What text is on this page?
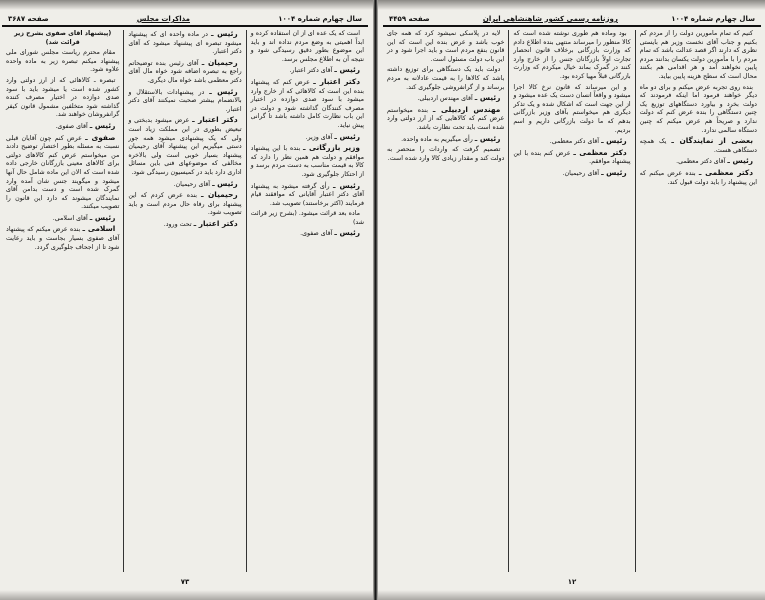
سال چهارم شماره ۱۰۰۴
مذاکرات مجلس
صفحه ۳۶۸۷

است که یک عده ای از آن استفاده کرده و ابداً اهمیتی به وضع مردم نداده اند و باید این موضوع بطور دقیق رسیدگی شود و نتیجه آن به اطلاع مجلس برسد.

رئیس ـ آقای دکتر اعتبار.

دکتر اعتبار ـ عرض کنم که پیشنهاد بنده این است که کالاهائی که از خارج وارد میشود با سود صدی دوازده در اختیار مصرف کنندگان گذاشته شود و دولت در این باب نظارت کامل داشته باشد تا گرانی پیش نیاید.

رئیس ـ آقای وزیر.

وزیر بازرگانی ـ بنده با این پیشنهاد موافقم و دولت هم همین نظر را دارد که کالا به قیمت مناسب به دست مردم برسد و از احتکار جلوگیری شود.

رئیس ـ رأی گرفته میشود به پیشنهاد آقای دکتر اعتبار آقایانی که موافقند قیام فرمایند (اکثر برخاستند) تصویب شد.

ماده بعد قرائت میشود. (بشرح زیر قرائت شد)

رئیس ـ آقای صفوی.

رئیس ـ در ماده واحده ای که پیشنهاد میشود تبصره ای پیشنهاد میشود که آقای دکتر اعتبار.

رحیمیان ـ آقای رئیس بنده توضیحاتم راجع به تبصره اضافه شود خواه مال آقای دکتر معظمی باشد خواه مال دیگری.

رئیس ـ در پیشنهادات بالاستقلال و بالانضمام بیشتر صحبت نمیکنند آقای دکتر اعتبار.

دکتر اعتبار ـ عرض میشود بدبختی و تبعیض بطوری در این مملکت زیاد است ولی که یک پیشنهادی میشود همه جور دستی میگیریم این پیشنهاد آقای رحیمیان پیشنهاد بسیار خوبی است ولی بالاخره مخالفی که موضوعهای فنی باین مسائل اداری دارد باید در کمیسیون رسیدگی شود.

رئیس ـ آقای رحیمیان.

رحیمیان ـ بنده عرض کردم که این پیشنهاد برای رفاه حال مردم است و باید تصویب شود.

دکتر اعتبار ـ تحت ورود.

(پیشنهاد آقای صفوی بشرح زیر قرائت شد)

مقام محترم ریاست مجلس شورای ملی پیشنهاد میکنم تبصره زیر به ماده واحده علاوه شود.

تبصره ـ کالاهائی که از ارز دولتی وارد کشور شده است یا میشود باید با سود صدی دوازده در اختیار مصرف کننده گذاشته شود متخلفین مشمول قانون کیفر گرانفروشان خواهند شد.

رئیس ـ آقای صفوی.

صفوی ـ عرض کنم چون آقایان قبلی نسبت به مسئله بطور اختصار توضیح دادند من میخواستم عرض کنم کالاهای دولتی برای کالاهای معینی بازرگانان خارجی داده شده است که الان این ماده شامل حال آنها میشود و میگویند جنس شان آمده وارد گمرک شده است و دست بدامن آقای نمایندگان میشوند که دارد این قانون را تصویب میکنند.

رئیس ـ آقای اسلامی.

اسلامی ـ بنده عرض میکنم که پیشنهاد آقای صفوی بسیار بجاست و باید رعایت شود تا از اجحاف جلوگیری گردد.

۷۳
سال چهارم شماره ۱۰۰۴
روزنامه رسمی کشور شاهنشاهی ایران
صفحه ۴۴۵۹

کنیم که تمام مأمورین دولت را از مردم کم بکنیم و جناب آقای نخست وزیر هم بایستی نظری که دارند اگر قصد عدالت باشد که تمام مردم را با مأمورین دولت یکسان بدانند مردم پایین نخواهند آمد و هر اقدامی هم بکنند محال است که سطح هزینه پایین بیاید.

بنده روی تجربه عرض میکنم و برای دو ماه دیگر خواهند فرمود اما اینکه فرمودند که دولت بخرد و بیاورد دستگاههای توزیع یک چنین دستگاهی را بنده عرض کنم که دولت ندارد و صریحاً هم عرض میکنم که چنین دستگاه سالمی ندارد.

بعضی از نمایندگان ـ یک همچه دستگاهی هست.

رئیس ـ آقای دکتر معظمی.

دکتر معظمی ـ بنده عرض میکنم که این پیشنهاد را باید دولت قبول کند.

بود وماده هم طوری نوشته شده است که کالا منظور را میرساند منتهی بنده اطلاع دادم که وزارت بازرگانی برخلاف قانون انحصار تجارت اولاً بازرگانان جنس را از خارج وارد کنند در گمرک بماند خیال میکردم که وزارت بازرگانی قبلاً مهیا کرده بود.

و این میرساند که قانون نرخ کالا اجرا میشود و واقعاً انسان دست یک عده میشود و از این جهت است که اشکال شده و یک تذکر دیگری هم میخواستم بآقای وزیر بازرگانی بدهم که ما دولت بازرگانی داریم و اسم بردیم.

رئیس ـ آقای دکتر معظمی.

دکتر معظمی ـ عرض کنم بنده با این پیشنهاد موافقم.

رئیس ـ آقای رحیمیان.

لایه در پلاسکی نمیشود کرد که همه جای خوب باشد و عرض بنده این است که این قانون بنفع مردم است و باید اجرا شود و در این باب دولت مسئول است.

دولت باید یک دستگاهی برای توزیع داشته باشد که کالاها را به قیمت عادلانه به مردم برساند و از گرانفروشی جلوگیری کند.

رئیس ـ آقای مهندس اردبیلی.

مهندس اردبیلی ـ بنده میخواستم عرض کنم که کالاهایی که از ارز دولتی وارد شده است باید تحت نظارت باشد.

رئیس ـ رأی میگیریم به ماده واحده.

تصمیم گرفت که واردات را منحصر به دولت کند و مقدار زیادی کالا وارد شده است.

۱۲
